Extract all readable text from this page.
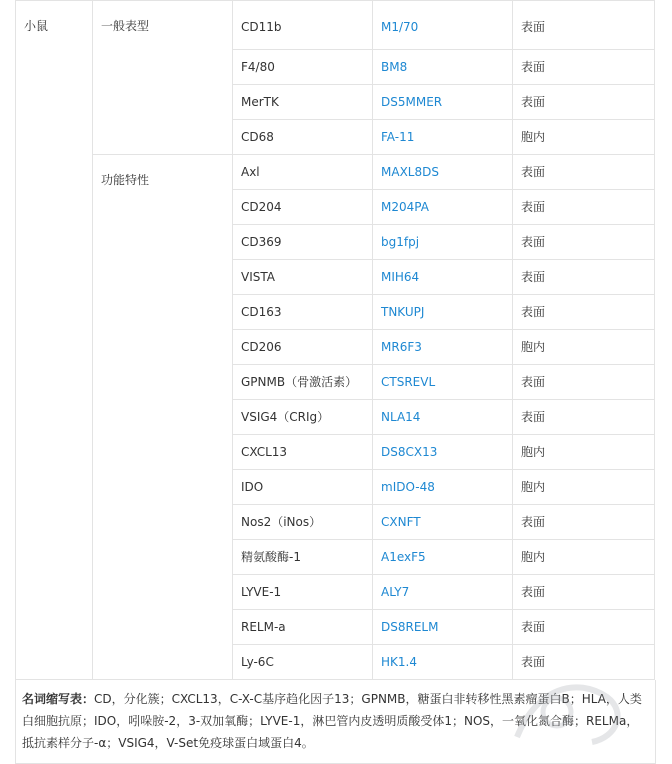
小鼠	一般表型	CD11b	M1/70	表面
		F4/80	BM8	表面
		MerTK	DS5MMER	表面
		CD68	FA-11	胞内
	功能特性	Axl	MAXL8DS	表面
		CD204	M204PA	表面
		CD369	bg1fpj	表面
		VISTA	MIH64	表面
		CD163	TNKUPJ	表面
		CD206	MR6F3	胞内
		GPNMB（骨激活素）	CTSREVL	表面
		VSIG4（CRIg）	NLA14	表面
		CXCL13	DS8CX13	胞内
		IDO	mIDO-48	胞内
		Nos2（iNos）	CXNFT	表面
		精氨酸酶-1	A1exF5	胞内
		LYVE-1	ALY7	表面
		RELM-a	DS8RELM	表面
		Ly-6C	HK1.4	表面
名词缩写表：CD，分化簇；CXCL13，C-X-C基序趋化因子13；GPNMB，糖蛋白非转移性黑素瘤蛋白B；HLA，人类白细胞抗原；IDO，吲哚胺-2，3-双加氧酶；LYVE-1，淋巴管内皮透明质酸受体1；NOS，一氧化氮合酶；RELMa，抵抗素样分子-α；VSIG4，V-Set免疫球蛋白域蛋白4。
